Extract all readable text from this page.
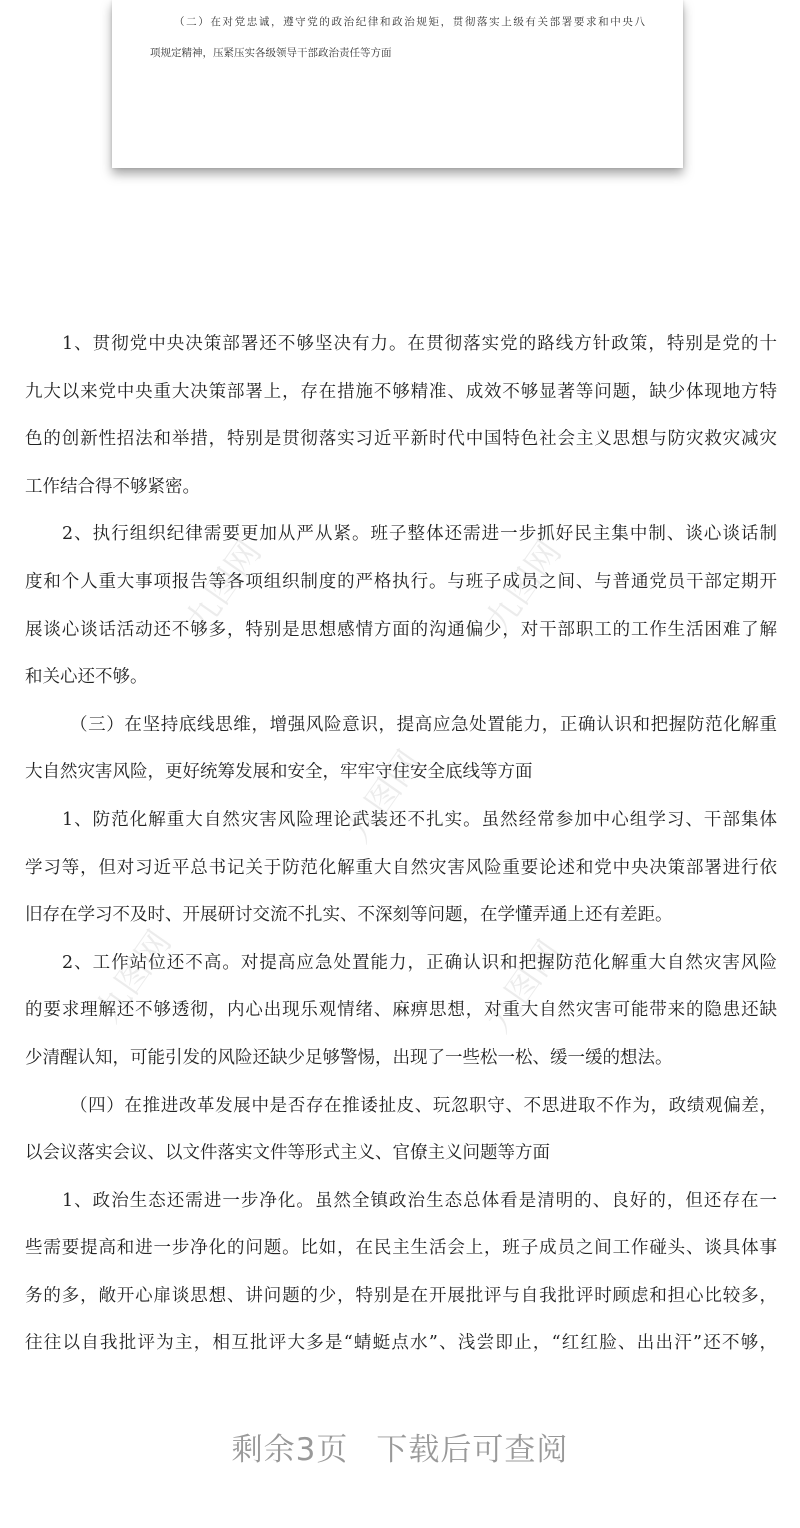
（二）在对党忠诚，遵守党的政治纪律和政治规矩，贯彻落实上级有关部署要求和中央八
项规定精神，压紧压实各级领导干部政治责任等方面
九图网	九图网
九图网
九图网	九图网
1、贯彻党中央决策部署还不够坚决有力。在贯彻落实党的路线方针政策，特别是党的十
九大以来党中央重大决策部署上，存在措施不够精准、成效不够显著等问题，缺少体现地方特
色的创新性招法和举措，特别是贯彻落实习近平新时代中国特色社会主义思想与防灾救灾减灾
工作结合得不够紧密。
2、执行组织纪律需要更加从严从紧。班子整体还需进一步抓好民主集中制、谈心谈话制
度和个人重大事项报告等各项组织制度的严格执行。与班子成员之间、与普通党员干部定期开
展谈心谈话活动还不够多，特别是思想感情方面的沟通偏少，对干部职工的工作生活困难了解
和关心还不够。
（三）在坚持底线思维，增强风险意识，提高应急处置能力，正确认识和把握防范化解重
大自然灾害风险，更好统筹发展和安全，牢牢守住安全底线等方面
1、防范化解重大自然灾害风险理论武装还不扎实。虽然经常参加中心组学习、干部集体
学习等，但对习近平总书记关于防范化解重大自然灾害风险重要论述和党中央决策部署进行依
旧存在学习不及时、开展研讨交流不扎实、不深刻等问题，在学懂弄通上还有差距。
2、工作站位还不高。对提高应急处置能力，正确认识和把握防范化解重大自然灾害风险
的要求理解还不够透彻，内心出现乐观情绪、麻痹思想，对重大自然灾害可能带来的隐患还缺
少清醒认知，可能引发的风险还缺少足够警惕，出现了一些松一松、缓一缓的想法。
（四）在推进改革发展中是否存在推诿扯皮、玩忽职守、不思进取不作为，政绩观偏差，
以会议落实会议、以文件落实文件等形式主义、官僚主义问题等方面
1、政治生态还需进一步净化。虽然全镇政治生态总体看是清明的、良好的，但还存在一
些需要提高和进一步净化的问题。比如，在民主生活会上，班子成员之间工作碰头、谈具体事
务的多，敞开心扉谈思想、讲问题的少，特别是在开展批评与自我批评时顾虑和担心比较多，
往往以自我批评为主，相互批评大多是“蜻蜓点水”、浅尝即止，“红红脸、出出汗”还不够，
剩余3页 下载后可查阅
